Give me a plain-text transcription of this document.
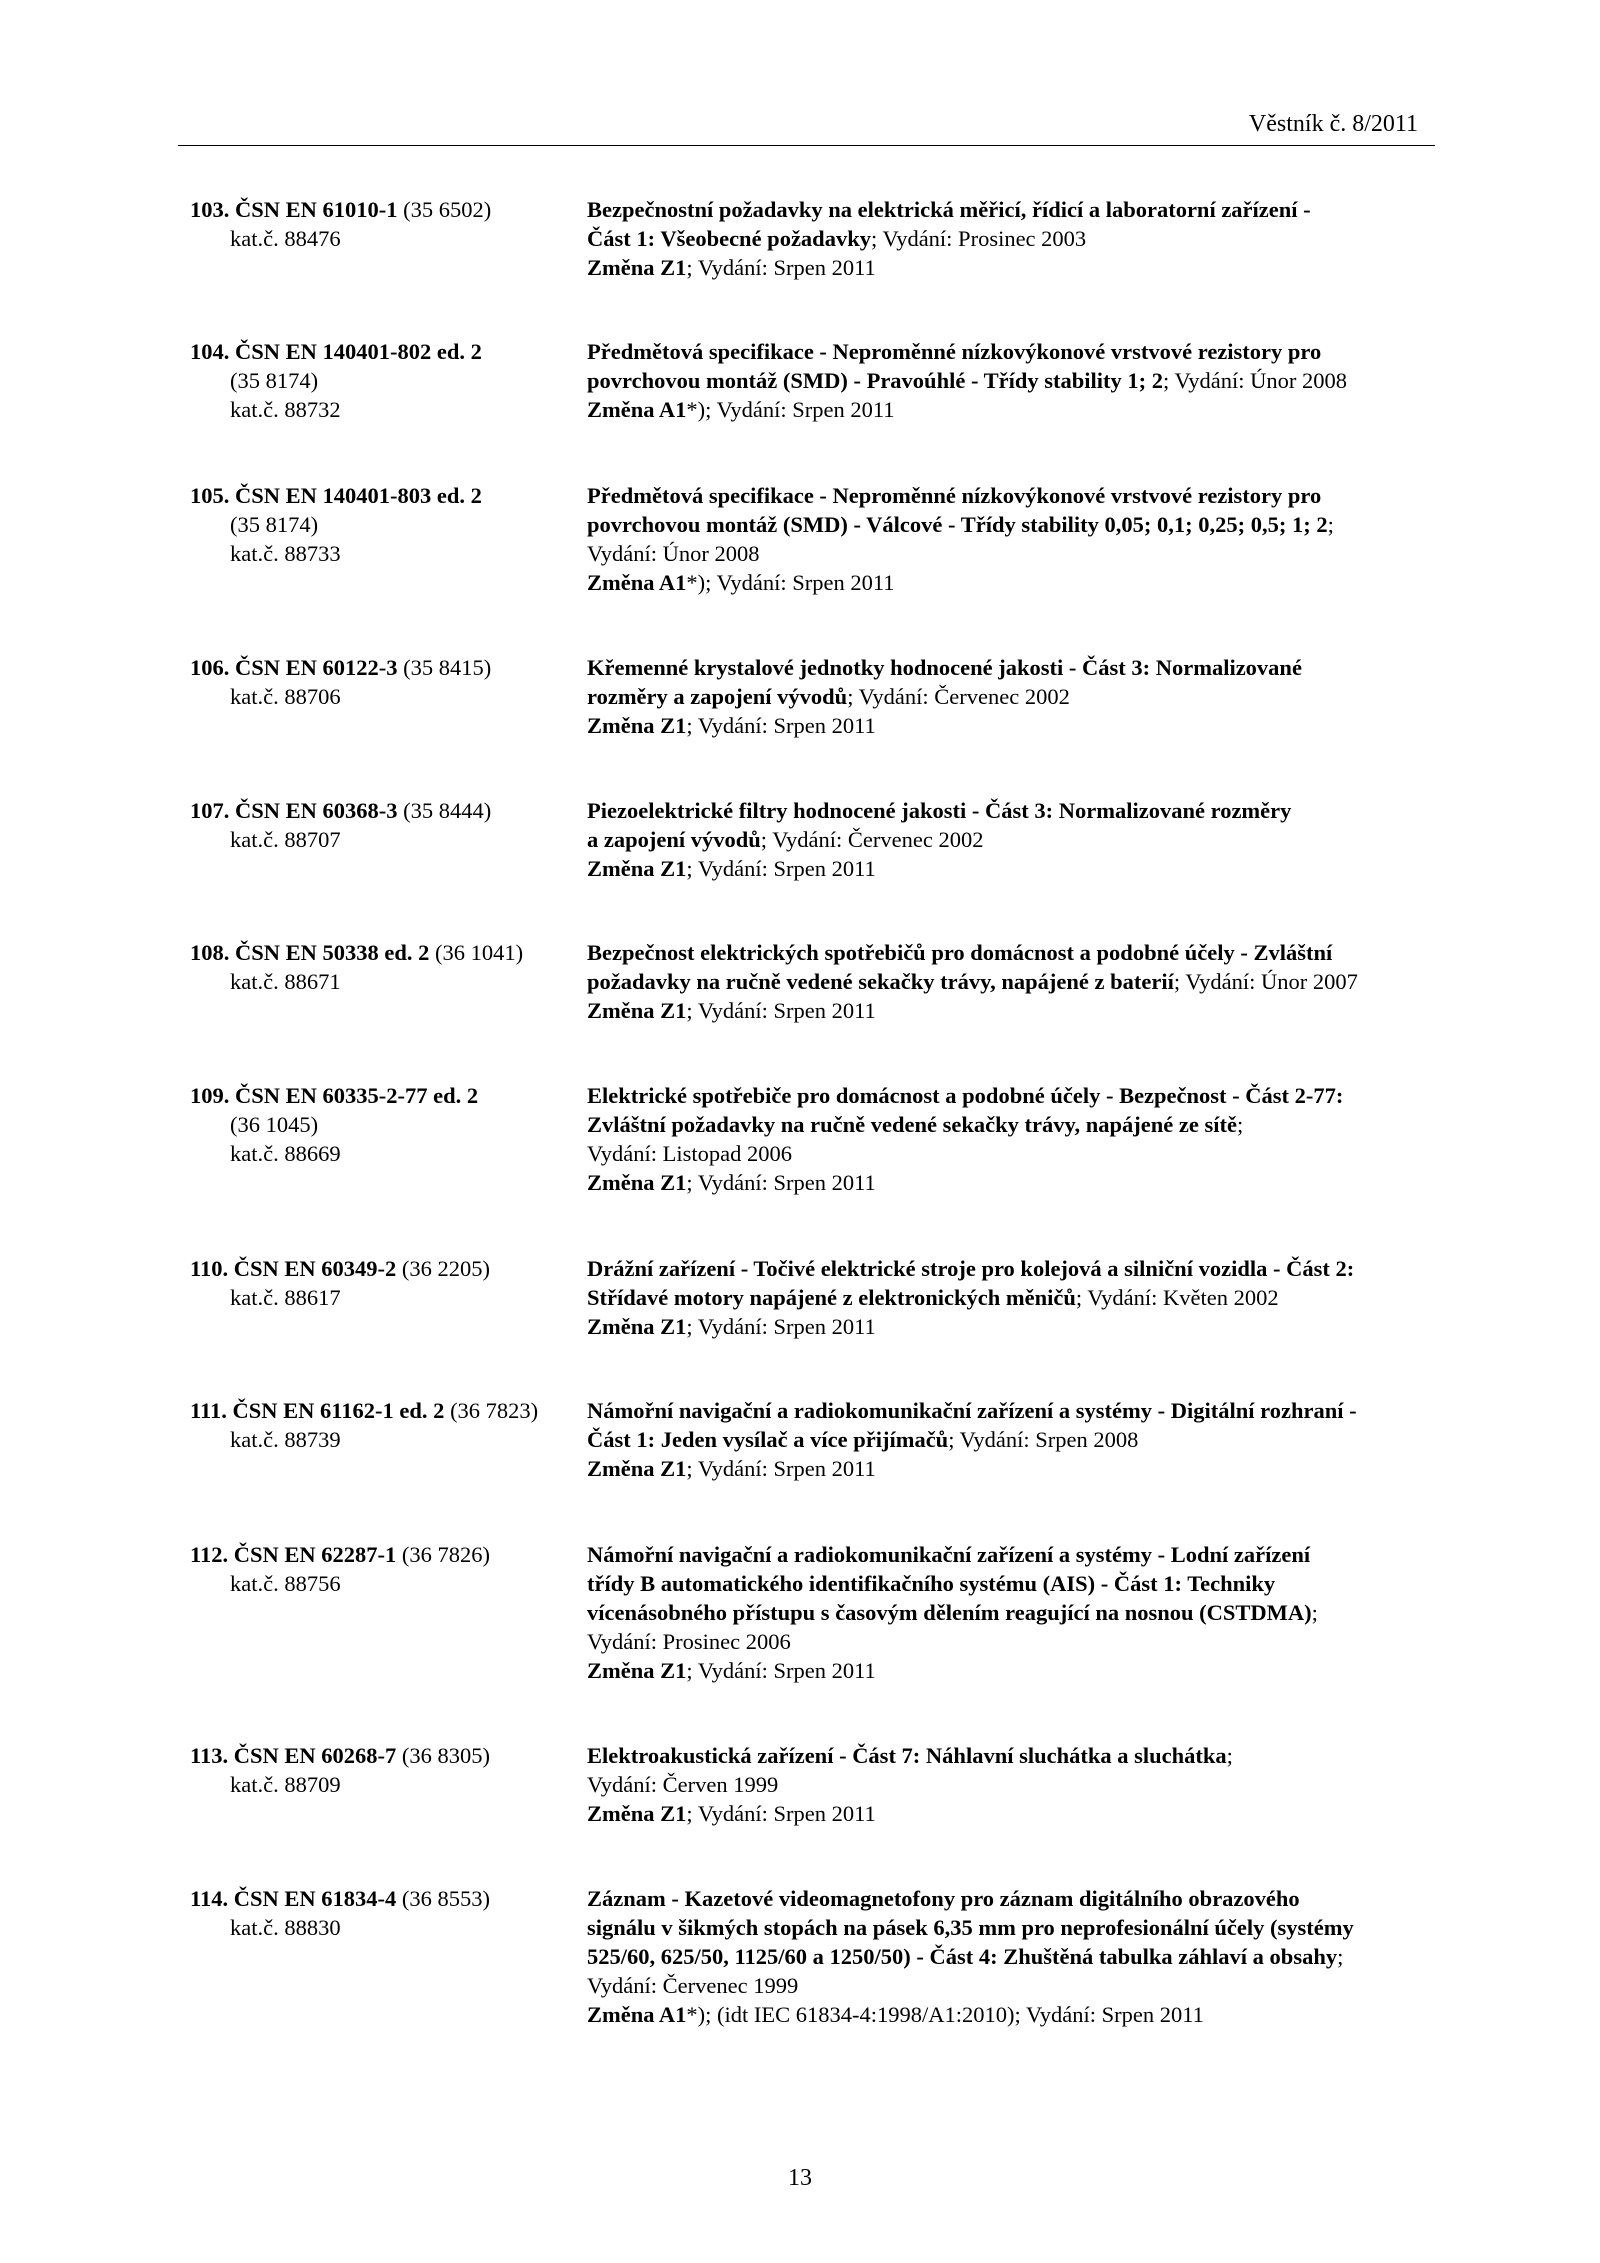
Věstník č. 8/2011
103. ČSN EN 61010-1 (35 6502)
kat.č. 88476
Bezpečnostní požadavky na elektrická měřicí, řídicí a laboratorní zařízení -
Část 1: Všeobecné požadavky; Vydání: Prosinec 2003
Změna Z1; Vydání: Srpen 2011
104. ČSN EN 140401-802 ed. 2
(35 8174)
kat.č. 88732
Předmětová specifikace - Neproměnné nízkovýkonové vrstvové rezistory pro
povrchovou montáž (SMD) - Pravoúhlé - Třídy stability 1; 2; Vydání: Únor 2008
Změna A1*); Vydání: Srpen 2011
105. ČSN EN 140401-803 ed. 2
(35 8174)
kat.č. 88733
Předmětová specifikace - Neproměnné nízkovýkonové vrstvové rezistory pro
povrchovou montáž (SMD) - Válcové - Třídy stability 0,05; 0,1; 0,25; 0,5; 1; 2;
Vydání: Únor 2008
Změna A1*); Vydání: Srpen 2011
106. ČSN EN 60122-3 (35 8415)
kat.č. 88706
Křemenné krystalové jednotky hodnocené jakosti - Část 3: Normalizované
rozměry a zapojení vývodů; Vydání: Červenec 2002
Změna Z1; Vydání: Srpen 2011
107. ČSN EN 60368-3 (35 8444)
kat.č. 88707
Piezoelektrické filtry hodnocené jakosti - Část 3: Normalizované rozměry
a zapojení vývodů; Vydání: Červenec 2002
Změna Z1; Vydání: Srpen 2011
108. ČSN EN 50338 ed. 2 (36 1041)
kat.č. 88671
Bezpečnost elektrických spotřebičů pro domácnost a podobné účely - Zvláštní
požadavky na ručně vedené sekačky trávy, napájené z baterií; Vydání: Únor 2007
Změna Z1; Vydání: Srpen 2011
109. ČSN EN 60335-2-77 ed. 2
(36 1045)
kat.č. 88669
Elektrické spotřebiče pro domácnost a podobné účely - Bezpečnost - Část 2-77:
Zvláštní požadavky na ručně vedené sekačky trávy, napájené ze sítě;
Vydání: Listopad 2006
Změna Z1; Vydání: Srpen 2011
110. ČSN EN 60349-2 (36 2205)
kat.č. 88617
Drážní zařízení - Točivé elektrické stroje pro kolejová a silniční vozidla - Část 2:
Střídavé motory napájené z elektronických měničů; Vydání: Květen 2002
Změna Z1; Vydání: Srpen 2011
111. ČSN EN 61162-1 ed. 2 (36 7823)
kat.č. 88739
Námořní navigační a radiokomunikační zařízení a systémy - Digitální rozhraní -
Část 1: Jeden vysílač a více přijímačů; Vydání: Srpen 2008
Změna Z1; Vydání: Srpen 2011
112. ČSN EN 62287-1 (36 7826)
kat.č. 88756
Námořní navigační a radiokomunikační zařízení a systémy - Lodní zařízení
třídy B automatického identifikačního systému (AIS) - Část 1: Techniky
vícenásobného přístupu s časovým dělením reagující na nosnou (CSTDMA);
Vydání: Prosinec 2006
Změna Z1; Vydání: Srpen 2011
113. ČSN EN 60268-7 (36 8305)
kat.č. 88709
Elektroakustická zařízení - Část 7: Náhlavní sluchátka a sluchátka;
Vydání: Červen 1999
Změna Z1; Vydání: Srpen 2011
114. ČSN EN 61834-4 (36 8553)
kat.č. 88830
Záznam - Kazetové videomagnetofony pro záznam digitálního obrazového
signálu v šikmých stopách na pásek 6,35 mm pro neprofesionální účely (systémy
525/60, 625/50, 1125/60 a 1250/50) - Část 4: Zhuštěná tabulka záhlaví a obsahy;
Vydání: Červenec 1999
Změna A1*); (idt IEC 61834-4:1998/A1:2010); Vydání: Srpen 2011
13
